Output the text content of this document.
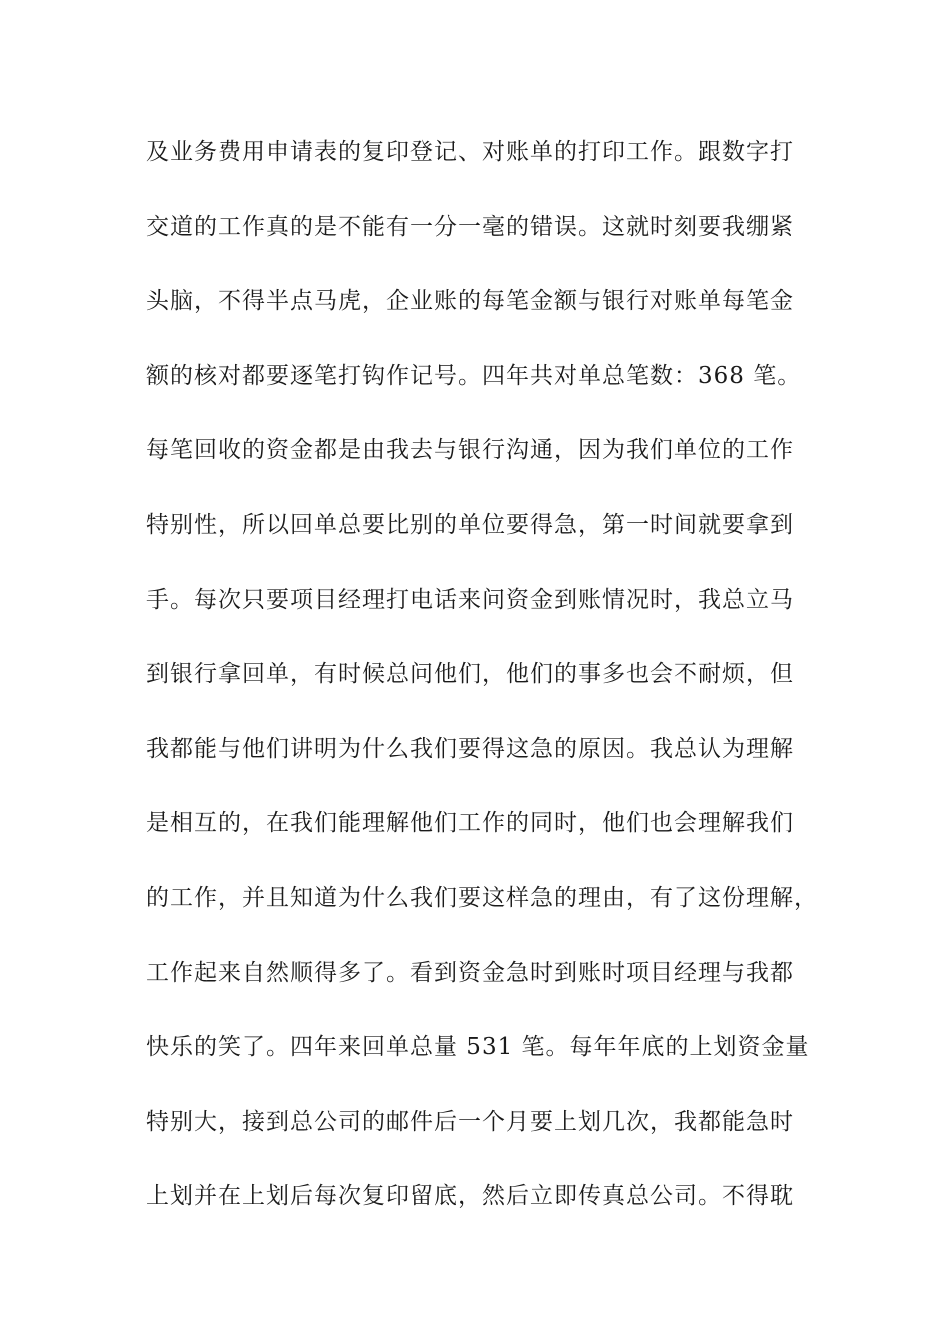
及业务费用申请表的复印登记、对账单的打印工作。跟数字打
交道的工作真的是不能有一分一毫的错误。这就时刻要我绷紧
头脑，不得半点马虎，企业账的每笔金额与银行对账单每笔金
额的核对都要逐笔打钩作记号。四年共对单总笔数：368 笔。
每笔回收的资金都是由我去与银行沟通，因为我们单位的工作
特别性，所以回单总要比别的单位要得急，第一时间就要拿到
手。每次只要项目经理打电话来问资金到账情况时，我总立马
到银行拿回单，有时候总问他们，他们的事多也会不耐烦，但
我都能与他们讲明为什么我们要得这急的原因。我总认为理解
是相互的，在我们能理解他们工作的同时，他们也会理解我们
的工作，并且知道为什么我们要这样急的理由，有了这份理解，
工作起来自然顺得多了。看到资金急时到账时项目经理与我都
快乐的笑了。四年来回单总量 531 笔。每年年底的上划资金量
特别大，接到总公司的邮件后一个月要上划几次，我都能急时
上划并在上划后每次复印留底，然后立即传真总公司。不得耽
